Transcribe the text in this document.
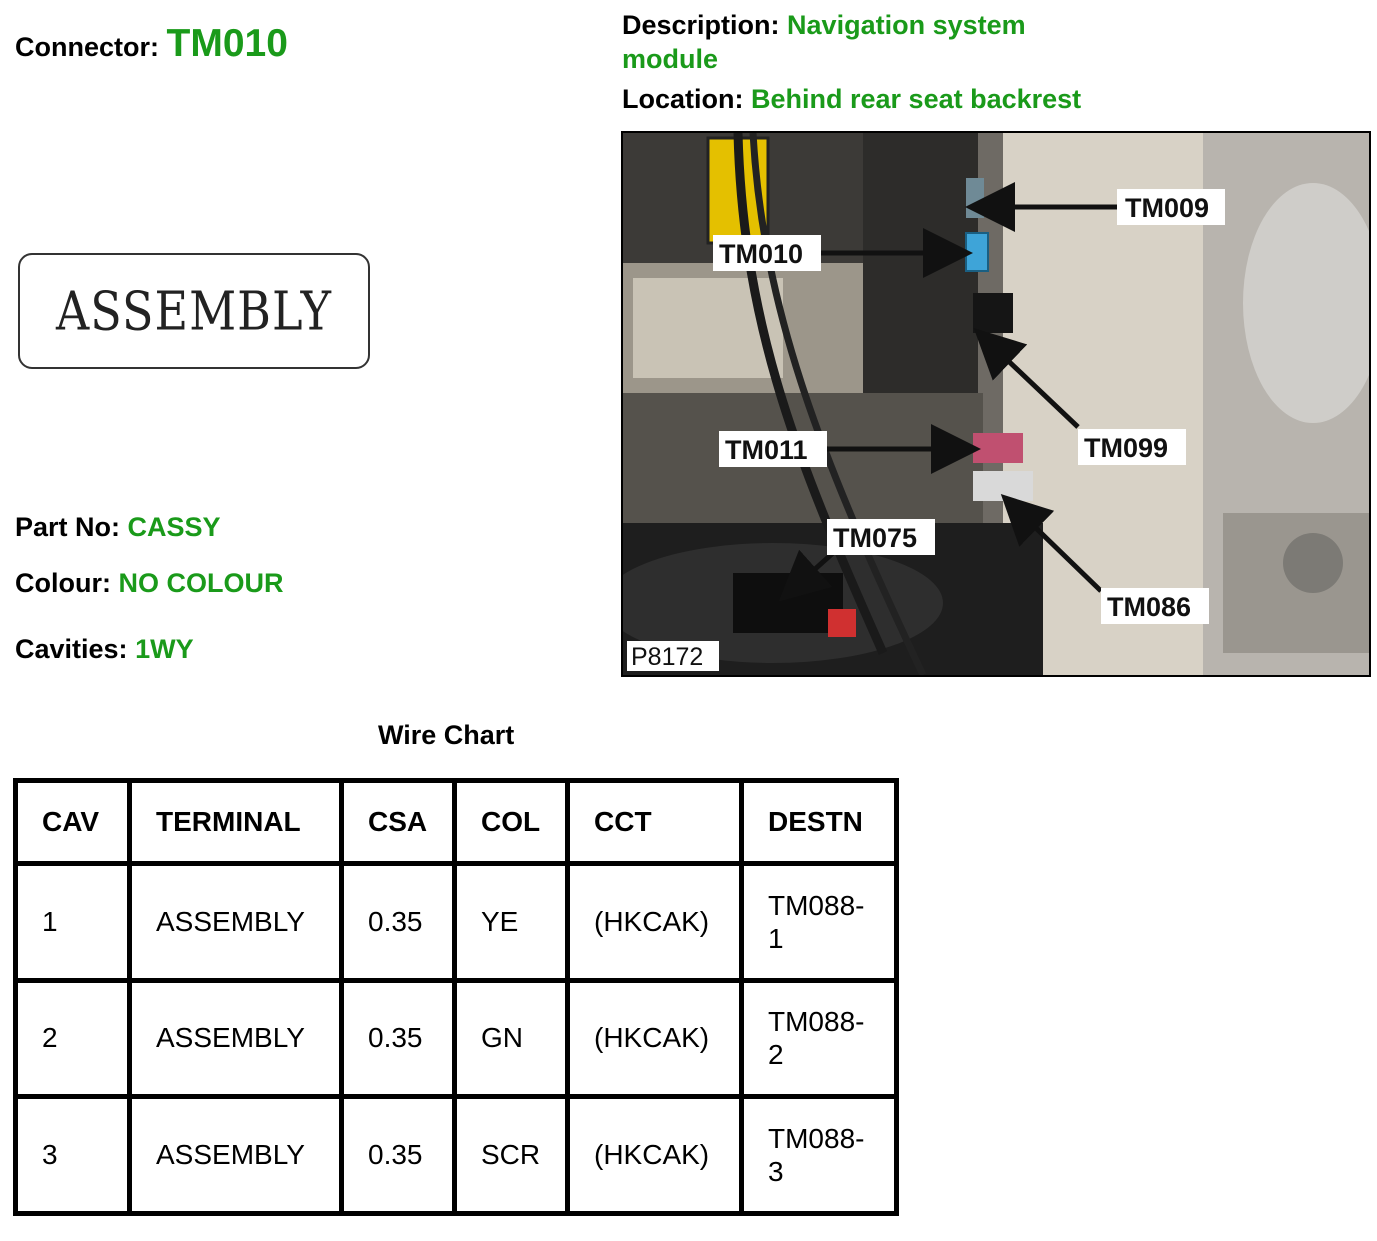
Connector: TM010	Description: Navigation system module
Location: Behind rear seat backrest
ASSEMBLY
Part No: CASSY
Colour: NO COLOUR
Cavities: 1WY
TM009
TM010
TM099
TM011
TM075
TM086
P8172
Wire Chart
CAV	TERMINAL	CSA	COL	CCT	DESTN
1	ASSEMBLY	0.35	YE	(HKCAK)	TM088-1

2	ASSEMBLY	0.35	GN	(HKCAK)	TM088-2

3	ASSEMBLY	0.35	SCR	(HKCAK)	TM088-3
